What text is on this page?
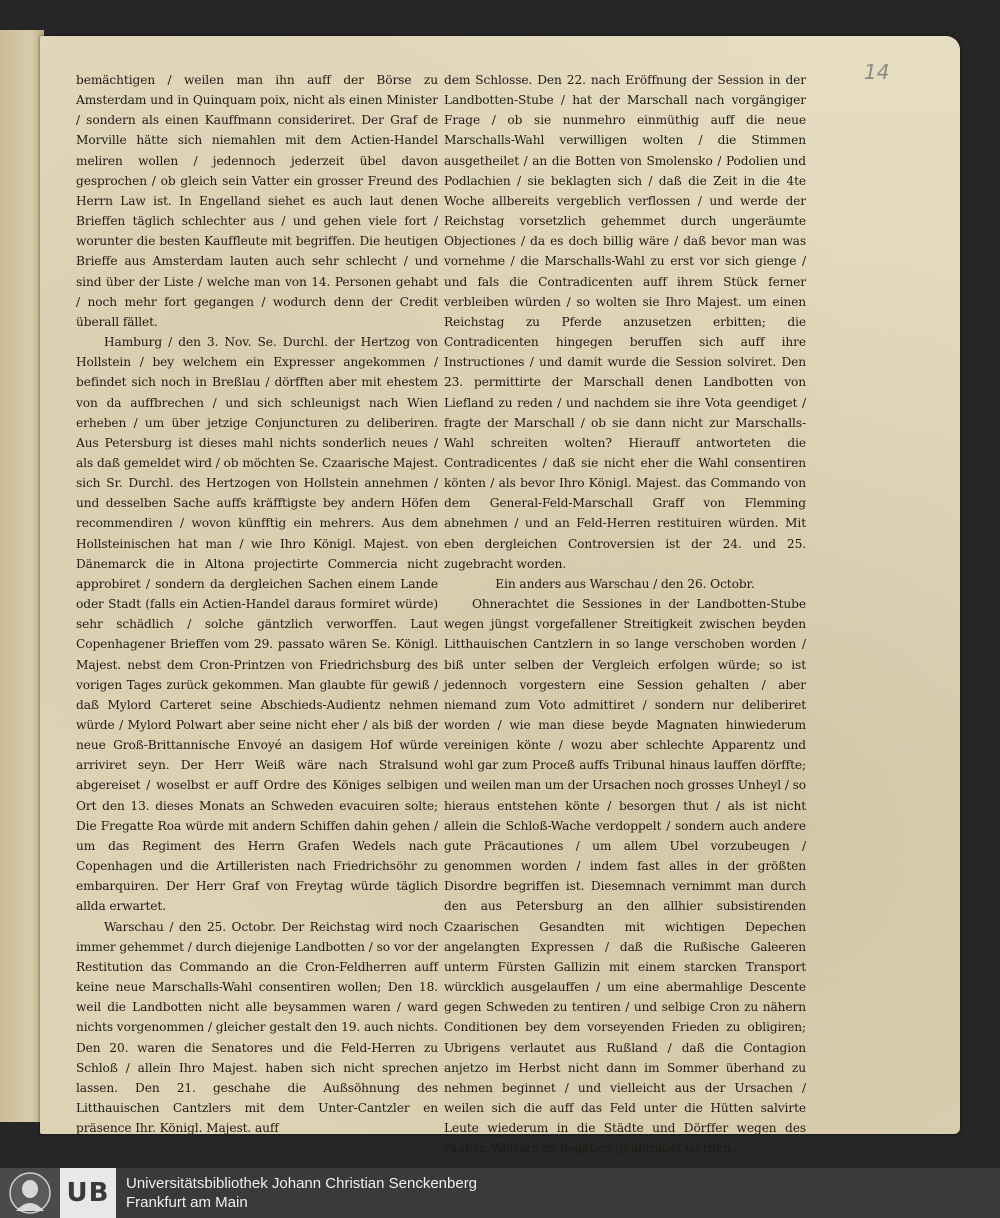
14

bemächtigen / weilen man ihn auff der Börse zu Amsterdam und in Quinquam poix, nicht als einen Minister / sondern als einen Kauffmann consideriret. Der Graf de Morville hätte sich niemahlen mit dem Actien-Handel meliren wollen / jedennoch jederzeit übel davon gesprochen / ob gleich sein Vatter ein grosser Freund des Herrn Law ist. In Engelland siehet es auch laut denen Brieffen täglich schlechter aus / und gehen viele fort / worunter die besten Kauffleute mit begriffen. Die heutigen Brieffe aus Amsterdam lauten auch sehr schlecht / und sind über der Liste / welche man von 14. Personen gehabt / noch mehr fort gegangen / wodurch denn der Credit überall fället.

Hamburg / den 3. Nov. Se. Durchl. der Hertzog von Hollstein / bey welchem ein Expresser angekommen / befindet sich noch in Breßlau / dörfften aber mit ehestem von da auffbrechen / und sich schleunigst nach Wien erheben / um über jetzige Conjuncturen zu deliberiren. Aus Petersburg ist dieses mahl nichts sonderlich neues / als daß gemeldet wird / ob möchten Se. Czaarische Majest. sich Sr. Durchl. des Hertzogen von Hollstein annehmen / und desselben Sache auffs kräfftigste bey andern Höfen recommendiren / wovon künfftig ein mehrers. Aus dem Hollsteinischen hat man / wie Ihro Königl. Majest. von Dänemarck die in Altona projectirte Commercia nicht approbiret / sondern da dergleichen Sachen einem Lande oder Stadt (falls ein Actien-Handel daraus formiret würde) sehr schädlich / solche gäntzlich verworffen. Laut Copenhagener Brieffen vom 29. passato wären Se. Königl. Majest. nebst dem Cron-Printzen von Friedrichsburg des vorigen Tages zurück gekommen. Man glaubte für gewiß / daß Mylord Carteret seine Abschieds-Audientz nehmen würde / Mylord Polwart aber seine nicht eher / als biß der neue Groß-Brittannische Envoyé an dasigem Hof würde arriviret seyn. Der Herr Weiß wäre nach Stralsund abgereiset / woselbst er auff Ordre des Königes selbigen Ort den 13. dieses Monats an Schweden evacuiren solte; Die Fregatte Roa würde mit andern Schiffen dahin gehen / um das Regiment des Herrn Grafen Wedels nach Copenhagen und die Artilleristen nach Friedrichsöhr zu embarquiren. Der Herr Graf von Freytag würde täglich allda erwartet.

Warschau / den 25. Octobr. Der Reichstag wird noch immer gehemmet / durch diejenige Landbotten / so vor der Restitution das Commando an die Cron-Feldherren auff keine neue Marschalls-Wahl consentiren wollen; Den 18. weil die Landbotten nicht alle beysammen waren / ward nichts vorgenommen / gleicher gestalt den 19. auch nichts. Den 20. waren die Senatores und die Feld-Herren zu Schloß / allein Ihro Majest. haben sich nicht sprechen lassen. Den 21. geschahe die Außsöhnung des Litthauischen Cantzlers mit dem Unter-Cantzler en präsence Ihr. Königl. Majest. auff

dem Schlosse. Den 22. nach Eröffnung der Session in der Landbotten-Stube / hat der Marschall nach vorgängiger Frage / ob sie nunmehro einmüthig auff die neue Marschalls-Wahl verwilligen wolten / die Stimmen ausgetheilet / an die Botten von Smolensko / Podolien und Podlachien / sie beklagten sich / daß die Zeit in die 4te Woche allbereits vergeblich verflossen / und werde der Reichstag vorsetzlich gehemmet durch ungeräumte Objectiones / da es doch billig wäre / daß bevor man was vornehme / die Marschalls-Wahl zu erst vor sich gienge / und fals die Contradicenten auff ihrem Stück ferner verbleiben würden / so wolten sie Ihro Majest. um einen Reichstag zu Pferde anzusetzen erbitten; die Contradicenten hingegen beruffen sich auff ihre Instructiones / und damit wurde die Session solviret. Den 23. permittirte der Marschall denen Landbotten von Liefland zu reden / und nachdem sie ihre Vota geendiget / fragte der Marschall / ob sie dann nicht zur Marschalls-Wahl schreiten wolten? Hierauff antworteten die Contradicentes / daß sie nicht eher die Wahl consentiren könten / als bevor Ihro Königl. Majest. das Commando von dem General-Feld-Marschall Graff von Flemming abnehmen / und an Feld-Herren restituiren würden. Mit eben dergleichen Controversien ist der 24. und 25. zugebracht worden.

Ein anders aus Warschau / den 26. Octobr.

Ohnerachtet die Sessiones in der Landbotten-Stube wegen jüngst vorgefallener Streitigkeit zwischen beyden Litthauischen Cantzlern in so lange verschoben worden / biß unter selben der Vergleich erfolgen würde; so ist jedennoch vorgestern eine Session gehalten / aber niemand zum Voto admittiret / sondern nur deliberiret worden / wie man diese beyde Magnaten hinwiederum vereinigen könte / wozu aber schlechte Apparentz und wohl gar zum Proceß auffs Tribunal hinaus lauffen dörffte; und weilen man um der Ursachen noch grosses Unheyl / so hieraus entstehen könte / besorgen thut / als ist nicht allein die Schloß-Wache verdoppelt / sondern auch andere gute Präcautiones / um allem Ubel vorzubeugen / genommen worden / indem fast alles in der größten Disordre begriffen ist. Diesemnach vernimmt man durch den aus Petersburg an den allhier subsistirenden Czaarischen Gesandten mit wichtigen Depechen angelangten Expressen / daß die Rußische Galeeren unterm Fürsten Gallizin mit einem starcken Transport würcklich ausgelauffen / um eine abermahlige Descente gegen Schweden zu tentiren / und selbige Cron zu nähern Conditionen bey dem vorseyenden Frieden zu obligiren; Ubrigens verlautet aus Rußland / daß die Contagion anjetzo im Herbst nicht dann im Sommer überhand zu nehmen beginnet / und vielleicht aus der Ursachen / weilen sich die auff das Feld unter die Hütten salvirte Leute wiederum in die Städte und Dörffer wegen des rauhen Wetters zu begeben genöthiget werden.

UB	Universitätsbibliothek Johann Christian Senckenberg
Frankfurt am Main
